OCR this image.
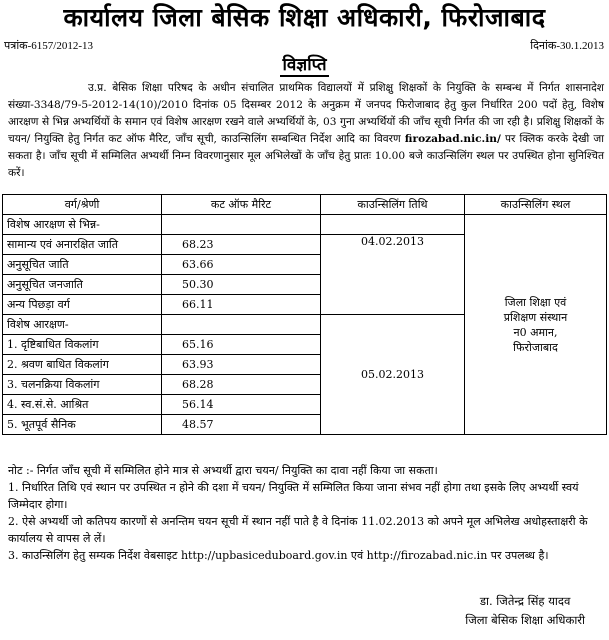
कार्यालय जिला बेसिक शिक्षा अधिकारी, फिरोजाबाद
पत्रांक-6157/2012-13	दिनांक-30.1.2013
विज्ञप्ति
उ.प्र. बेसिक शिक्षा परिषद के अधीन संचालित प्राथमिक विद्यालयों में प्रशिक्षु शिक्षकों के नियुक्ति के सम्बन्ध में निर्गत शासनादेश संख्या-3348/79-5-2012-14(10)/2010 दिनांक 05 दिसम्बर 2012 के अनुक्रम में जनपद फिरोजाबाद हेतु कुल निर्धारित 200 पदों हेतु, विशेष आरक्षण से भिन्न अभ्यर्थियों के समान एवं विशेष आरक्षण रखने वाले अभ्यर्थियों के, 03 गुना अभ्यर्थियों की जाँच सूची निर्गत की जा रही है। प्रशिक्षु शिक्षकों के चयन/ नियुक्ति हेतु निर्गत कट ऑफ मैरिट, जाँच सूची, काउन्सिलिंग सम्बन्धित निर्देश आदि का विवरण firozabad.nic.in/ पर क्लिक करके देखी जा सकता है। जाँच सूची में सम्मिलित अभ्यर्थी निम्न विवरणानुसार मूल अभिलेखों के जाँच हेतु प्रातः 10.00 बजे काउन्सिलिंग स्थल पर उपस्थित होना सुनिश्चित करें।
वर्ग/श्रेणी	कट ऑफ मैरिट	काउन्सिलिंग तिथि	काउन्सिलिंग स्थल
विशेष आरक्षण से भिन्न-			जिला शिक्षा एवं
प्रशिक्षण संस्थान
न0 अमान,
फिरोजाबाद

सामान्य एवं अनारक्षित जाति	68.23	04.02.2013	
अनुसूचित जाति	63.66		
अनुसूचित जनजाति	50.30		
अन्य पिछड़ा वर्ग	66.11		
विशेष आरक्षण-		05.02.2013	
1. दृष्टिबाधित विकलांग	65.16		
2. श्रवण बाधित विकलांग	63.93		
3. चलनक्रिया विकलांग	68.28		
4. स्व.सं.से. आश्रित	56.14		
5. भूतपूर्व सैनिक	48.57		

नोट :- निर्गत जाँच सूची में सम्मिलित होने मात्र से अभ्यर्थी द्वारा चयन/ नियुक्ति का दावा नहीं किया जा सकता।

1. निर्धारित तिथि एवं स्थान पर उपस्थित न होने की दशा में चयन/ नियुक्ति में सम्मिलित किया जाना संभव नहीं होगा तथा इसके लिए अभ्यर्थी स्वयं जिम्मेदार होगा।

2. ऐसे अभ्यर्थी जो कतिपय कारणों से अनन्तिम चयन सूची में स्थान नहीं पाते है वे दिनांक 11.02.2013 को अपने मूल अभिलेख अधोहस्ताक्षरी के कार्यालय से वापस ले लें।

3. काउन्सिलिंग हेतु सम्यक निर्देश वेबसाइट http://upbasiceduboard.gov.in एवं http://firozabad.nic.in पर उपलब्ध है।

डा. जितेन्द्र सिंह यादव
जिला बेसिक शिक्षा अधिकारी
